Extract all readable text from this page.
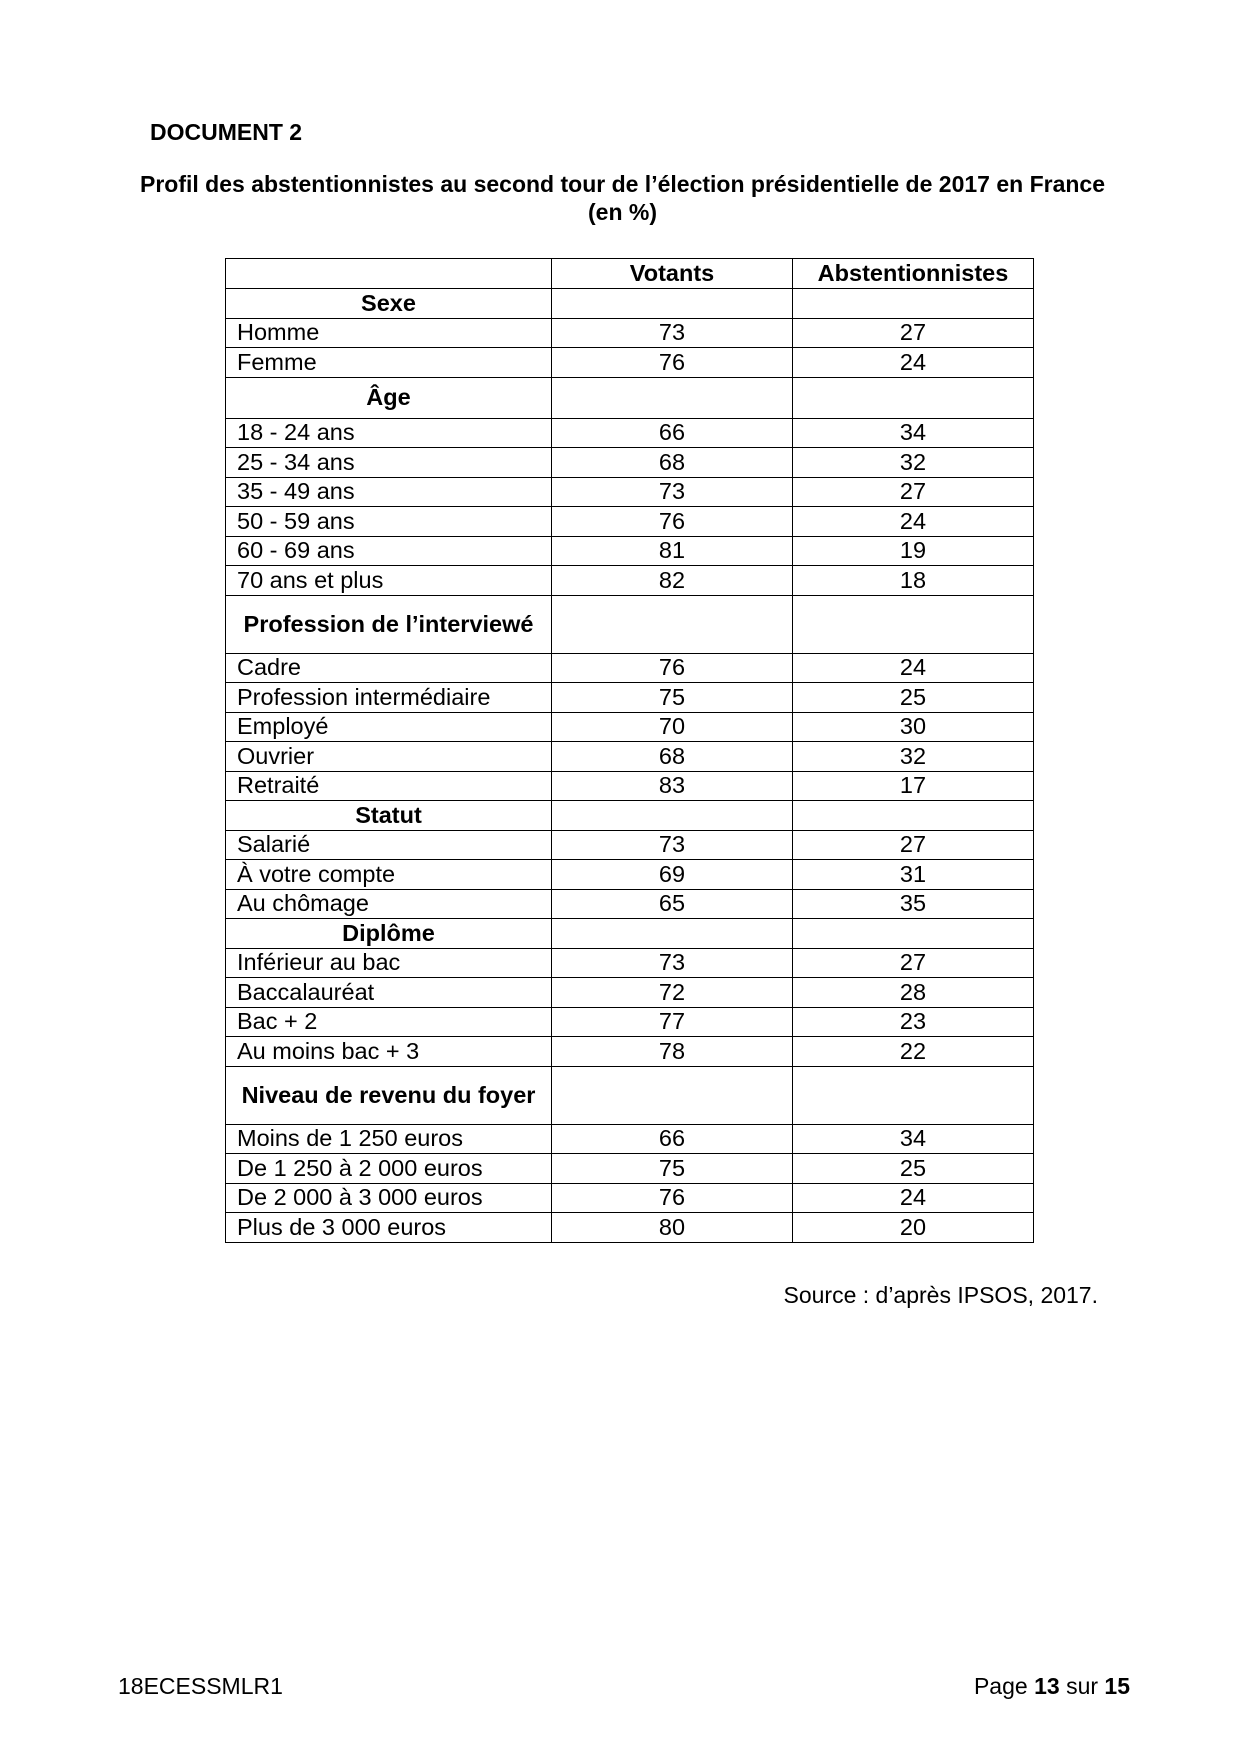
DOCUMENT 2
Profil des abstentionnistes au second tour de l’élection présidentielle de 2017 en France (en %)
	Votants	Abstentionnistes
Sexe		
Homme	73	27
Femme	76	24
Âge		
18 - 24 ans	66	34
25 - 34 ans	68	32
35 - 49 ans	73	27
50 - 59 ans	76	24
60 - 69 ans	81	19
70 ans et plus	82	18
Profession de l’interviewé		
Cadre	76	24
Profession intermédiaire	75	25
Employé	70	30
Ouvrier	68	32
Retraité	83	17
Statut		
Salarié	73	27
À votre compte	69	31
Au chômage	65	35
Diplôme		
Inférieur au bac	73	27
Baccalauréat	72	28
Bac + 2	77	23
Au moins bac + 3	78	22
Niveau de revenu du foyer		
Moins de 1 250 euros	66	34
De 1 250 à 2 000 euros	75	25
De 2 000 à 3 000 euros	76	24
Plus de 3 000 euros	80	20
Source : d’après IPSOS, 2017.
18ECESSMLR1	Page 13 sur 15
